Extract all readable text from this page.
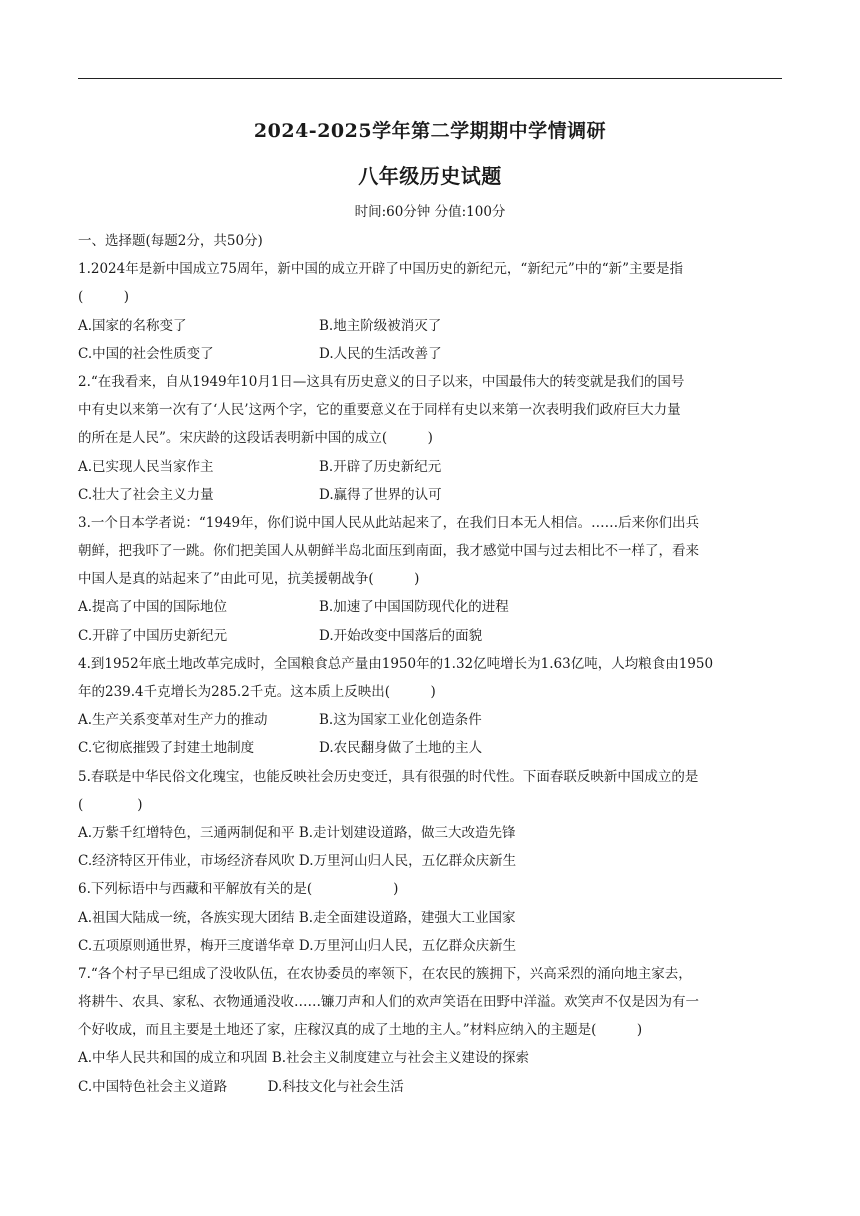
2024-2025学年第二学期期中学情调研
八年级历史试题
时间:60分钟 分值:100分
一、选择题(每题2分，共50分)
1.2024年是新中国成立75周年，新中国的成立开辟了中国历史的新纪元，“新纪元”中的“新”主要是指
(　　　)
A.国家的名称变了	B.地主阶级被消灭了
C.中国的社会性质变了	D.人民的生活改善了
2.“在我看来，自从1949年10月1日—这具有历史意义的日子以来，中国最伟大的转变就是我们的国号
中有史以来第一次有了‘人民’这两个字，它的重要意义在于同样有史以来第一次表明我们政府巨大力量
的所在是人民”。宋庆龄的这段话表明新中国的成立(　　　)
A.已实现人民当家作主	B.开辟了历史新纪元
C.壮大了社会主义力量	D.赢得了世界的认可
3.一个日本学者说：“1949年，你们说中国人民从此站起来了，在我们日本无人相信。……后来你们出兵
朝鲜，把我吓了一跳。你们把美国人从朝鲜半岛北面压到南面，我才感觉中国与过去相比不一样了，看来
中国人是真的站起来了”由此可见，抗美援朝战争(　　　)
A.提高了中国的国际地位	B.加速了中国国防现代化的进程
C.开辟了中国历史新纪元	D.开始改变中国落后的面貌
4.到1952年底土地改革完成时，全国粮食总产量由1950年的1.32亿吨增长为1.63亿吨，人均粮食由1950
年的239.4千克增长为285.2千克。这本质上反映出(　　　)
A.生产关系变革对生产力的推动	B.这为国家工业化创造条件
C.它彻底摧毁了封建土地制度	D.农民翻身做了土地的主人
5.春联是中华民俗文化瑰宝，也能反映社会历史变迁，具有很强的时代性。下面春联反映新中国成立的是
(　　　　)
A.万紫千红增特色，三通两制促和平 B.走计划建设道路，做三大改造先锋
C.经济特区开伟业，市场经济春风吹 D.万里河山归人民，五亿群众庆新生
6.下列标语中与西藏和平解放有关的是(　　　　　　)
A.祖国大陆成一统，各族实现大团结 B.走全面建设道路，建强大工业国家
C.五项原则通世界，梅开三度谱华章 D.万里河山归人民，五亿群众庆新生
7.“各个村子早已组成了没收队伍，在农协委员的率领下，在农民的簇拥下，兴高采烈的涌向地主家去，
将耕牛、农具、家私、衣物通通没收……镰刀声和人们的欢声笑语在田野中洋溢。欢笑声不仅是因为有一
个好收成，而且主要是土地还了家，庄稼汉真的成了土地的主人。”材料应纳入的主题是(　　　)
A.中华人民共和国的成立和巩固 B.社会主义制度建立与社会主义建设的探索
C.中国特色社会主义道路　　　D.科技文化与社会生活
